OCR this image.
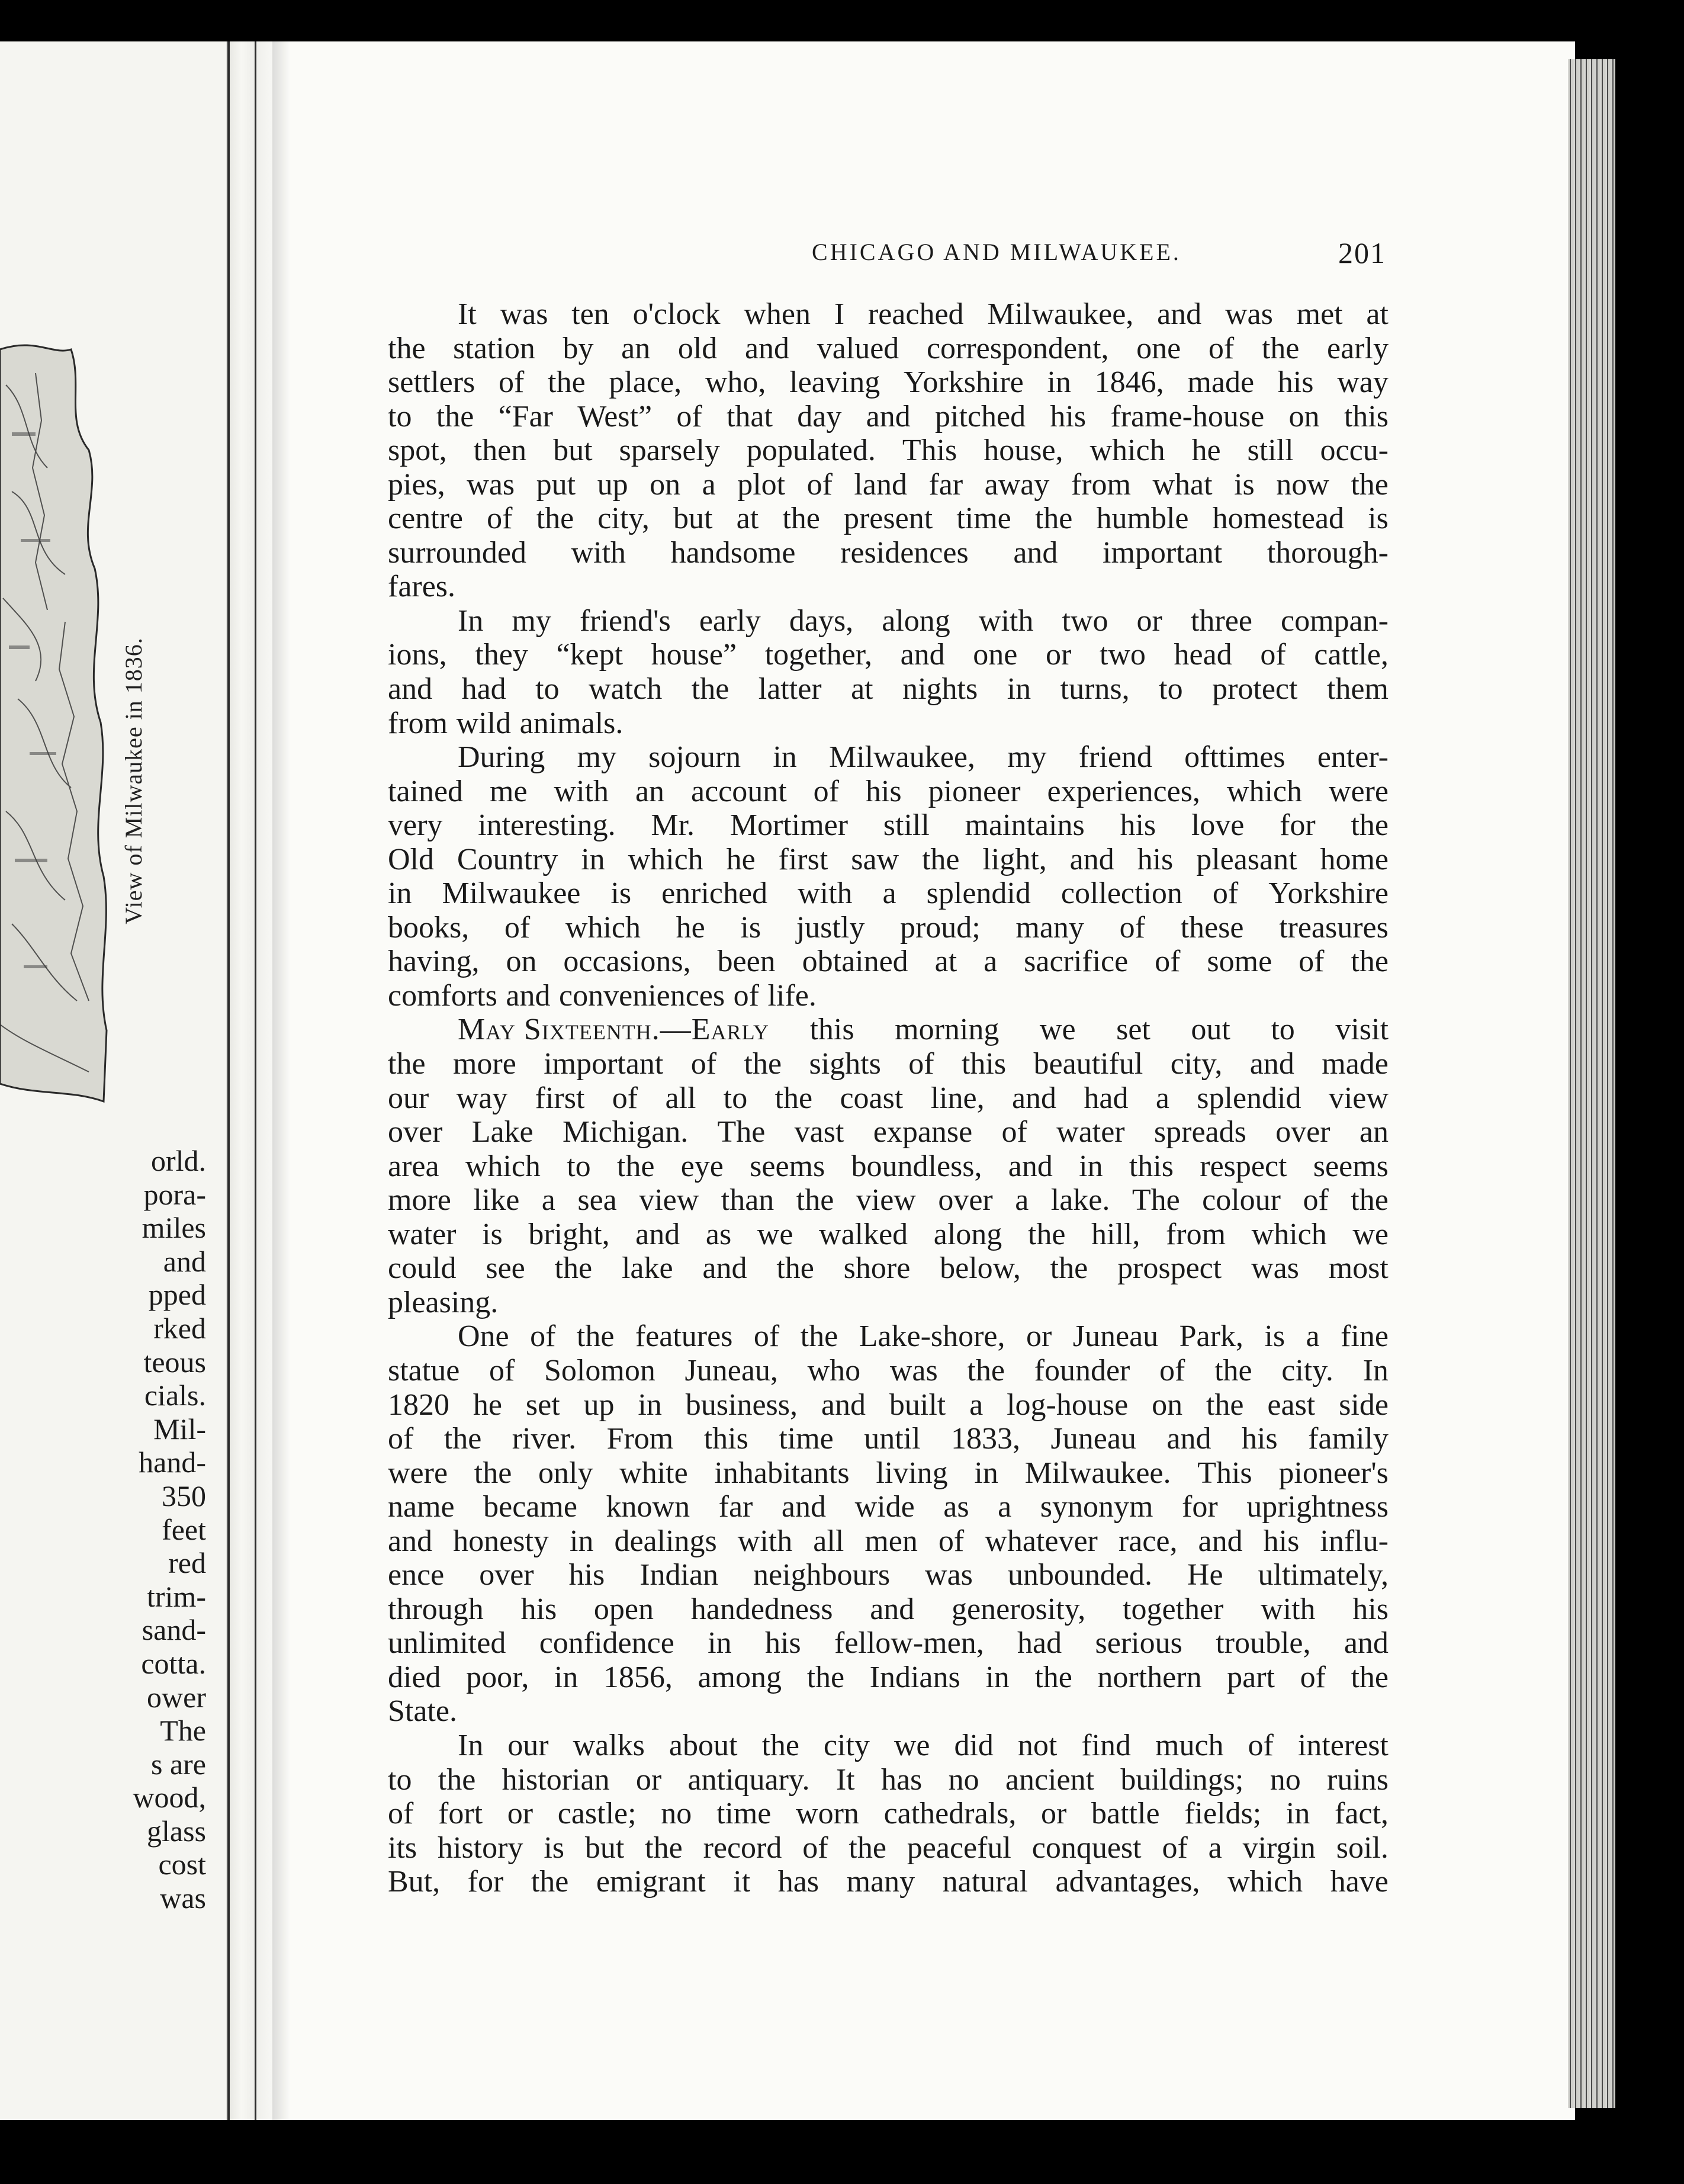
View of Milwaukee in 1836.
orld.
pora-
miles
and
pped
rked
teous
cials.
Mil-
hand-
350
feet
red
trim-
sand-
cotta.
ower
The
s are
wood,
glass
cost
was
CHICAGO AND MILWAUKEE.	201
It was ten o'clock when I reached Milwaukee, and was met at
the station by an old and valued correspondent, one of the early
settlers of the place, who, leaving Yorkshire in 1846, made his way
to the “Far West” of that day and pitched his frame-house on this
spot, then but sparsely populated. This house, which he still occu-
pies, was put up on a plot of land far away from what is now the
centre of the city, but at the present time the humble homestead is
surrounded with handsome residences and important thorough-
fares.
In my friend's early days, along with two or three compan-
ions, they “kept house” together, and one or two head of cattle,
and had to watch the latter at nights in turns, to protect them
from wild animals.
During my sojourn in Milwaukee, my friend ofttimes enter-
tained me with an account of his pioneer experiences, which were
very interesting. Mr. Mortimer still maintains his love for the
Old Country in which he first saw the light, and his pleasant home
in Milwaukee is enriched with a splendid collection of Yorkshire
books, of which he is justly proud; many of these treasures
having, on occasions, been obtained at a sacrifice of some of the
comforts and conveniences of life.
May Sixteenth.—Early this morning we set out to visit
the more important of the sights of this beautiful city, and made
our way first of all to the coast line, and had a splendid view
over Lake Michigan. The vast expanse of water spreads over an
area which to the eye seems boundless, and in this respect seems
more like a sea view than the view over a lake. The colour of the
water is bright, and as we walked along the hill, from which we
could see the lake and the shore below, the prospect was most
pleasing.
One of the features of the Lake-shore, or Juneau Park, is a fine
statue of Solomon Juneau, who was the founder of the city. In
1820 he set up in business, and built a log-house on the east side
of the river. From this time until 1833, Juneau and his family
were the only white inhabitants living in Milwaukee. This pioneer's
name became known far and wide as a synonym for uprightness
and honesty in dealings with all men of whatever race, and his influ-
ence over his Indian neighbours was unbounded. He ultimately,
through his open handedness and generosity, together with his
unlimited confidence in his fellow-men, had serious trouble, and
died poor, in 1856, among the Indians in the northern part of the
State.
In our walks about the city we did not find much of interest
to the historian or antiquary. It has no ancient buildings; no ruins
of fort or castle; no time worn cathedrals, or battle fields; in fact,
its history is but the record of the peaceful conquest of a virgin soil.
But, for the emigrant it has many natural advantages, which have
